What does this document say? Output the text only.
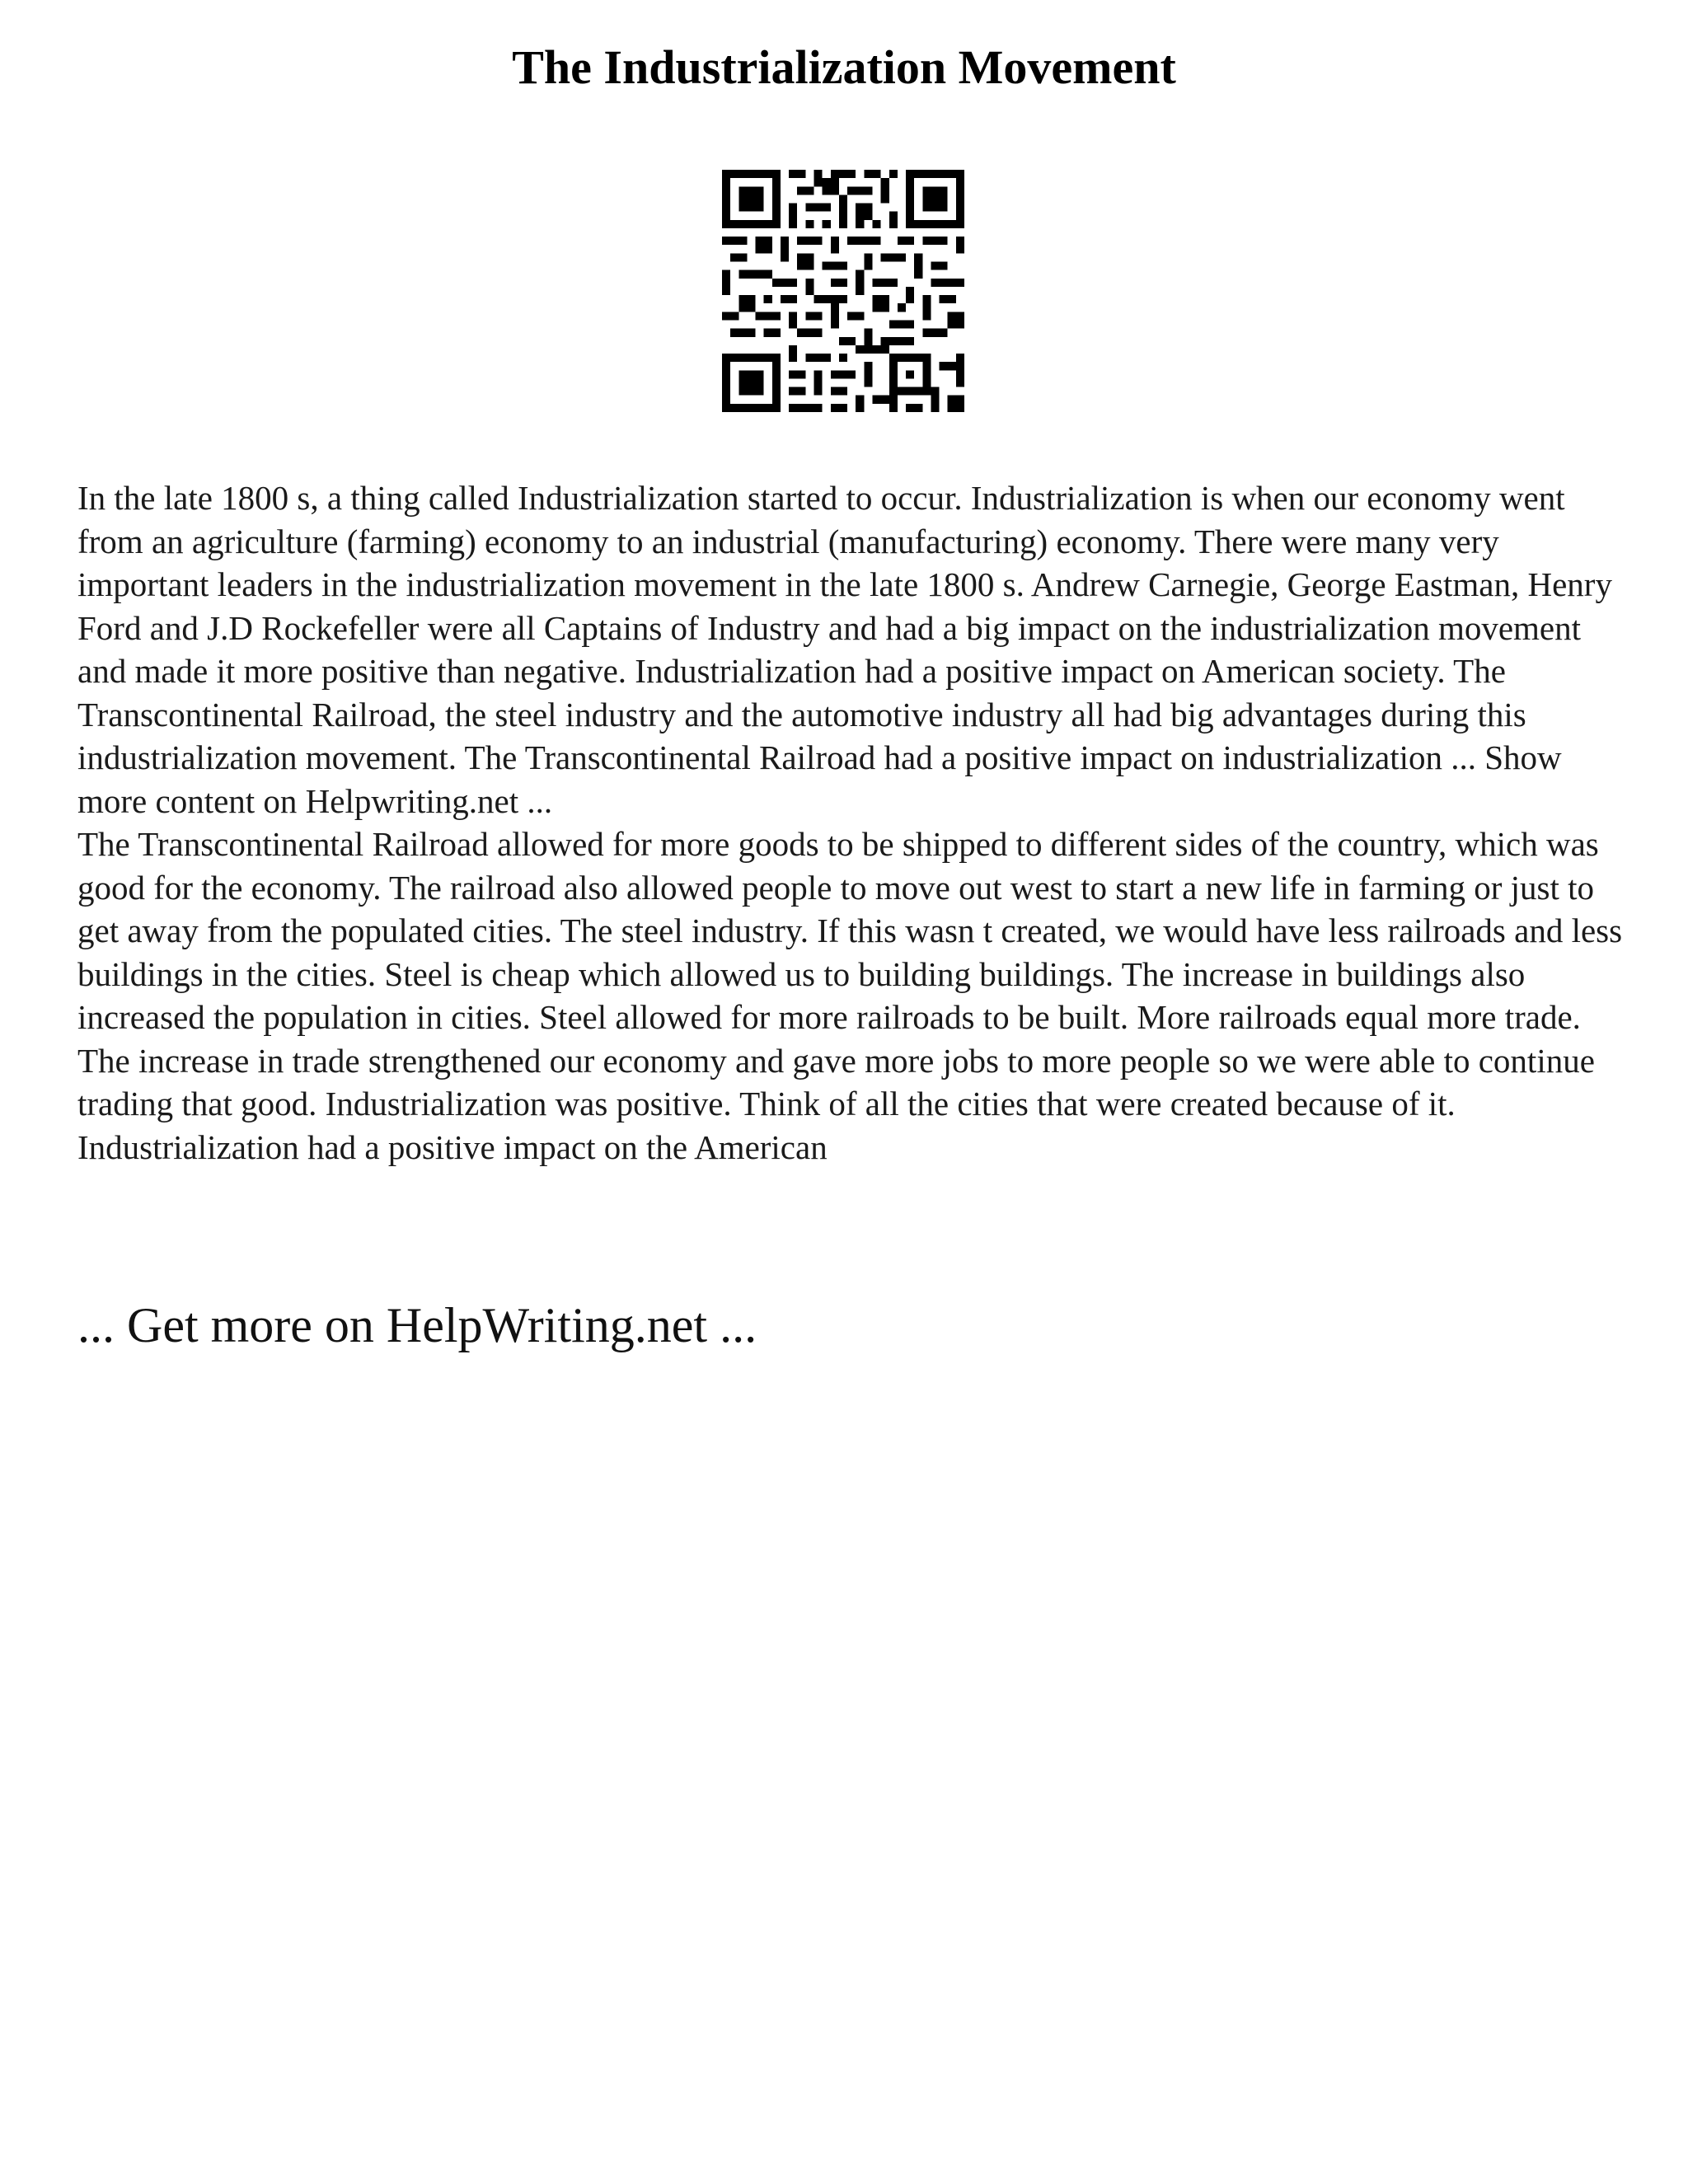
The Industrialization Movement

In the late 1800 s, a thing called Industrialization started to occur. Industrialization is when our economy went from an agriculture (farming) economy to an industrial (manufacturing) economy. There were many very important leaders in the industrialization movement in the late 1800 s. Andrew Carnegie, George Eastman, Henry Ford and J.D Rockefeller were all Captains of Industry and had a big impact on the industrialization movement and made it more positive than negative. Industrialization had a positive impact on American society. The Transcontinental Railroad, the steel industry and the automotive industry all had big advantages during this industrialization movement. The Transcontinental Railroad had a positive impact on industrialization ... Show more content on Helpwriting.net ...

The Transcontinental Railroad allowed for more goods to be shipped to different sides of the country, which was good for the economy. The railroad also allowed people to move out west to start a new life in farming or just to get away from the populated cities. The steel industry. If this wasn t created, we would have less railroads and less buildings in the cities. Steel is cheap which allowed us to building buildings. The increase in buildings also increased the population in cities. Steel allowed for more railroads to be built. More railroads equal more trade. The increase in trade strengthened our economy and gave more jobs to more people so we were able to continue trading that good. Industrialization was positive. Think of all the cities that were created because of it. Industrialization had a positive impact on the American

... Get more on HelpWriting.net ...
